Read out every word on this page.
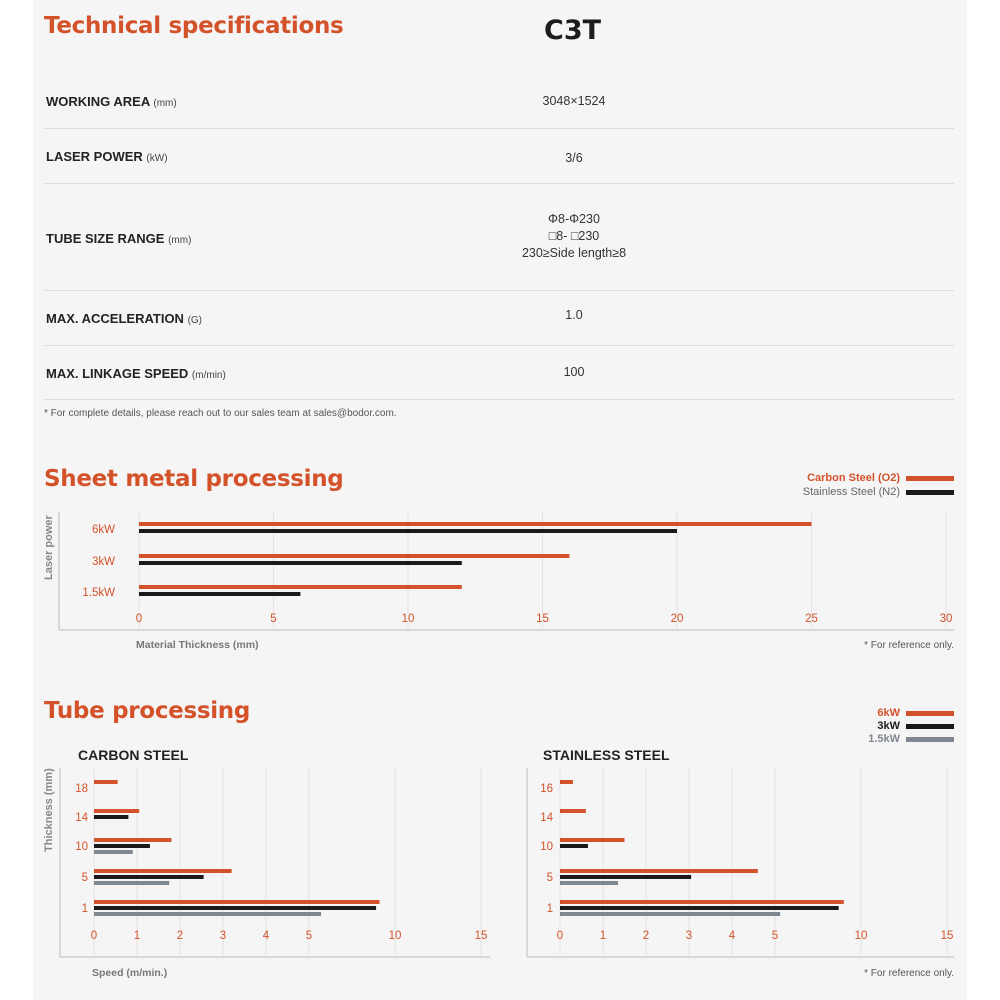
Technical specifications	C3T
WORKING AREA (mm)	3048×1524
LASER POWER (kW)	3/6
TUBE SIZE RANGE (mm)
Φ8-Φ230
□8- □230
230≥Side length≥8
MAX. ACCELERATION (G)	1.0
MAX. LINKAGE SPEED (m/min)	100
* For complete details, please reach out to our sales team at sales@bodor.com.
Sheet metal processing	Carbon Steel (O2)
Stainless Steel (N2)
Laser power
Material Thickness (mm)	* For reference only.
Tube processing	6kW
3kW
1.5kW
CARBON STEEL	STAINLESS STEEL
Thickness (mm)
Speed (m/min.)	* For reference only.
6kW
3kW
1.5kW
0	5	10	15	20	25	30
18
14
10
5
1
0	1	2	3	4	5	10	15
16
14
10
5
1
0	1	2	3	4	5	10	15
